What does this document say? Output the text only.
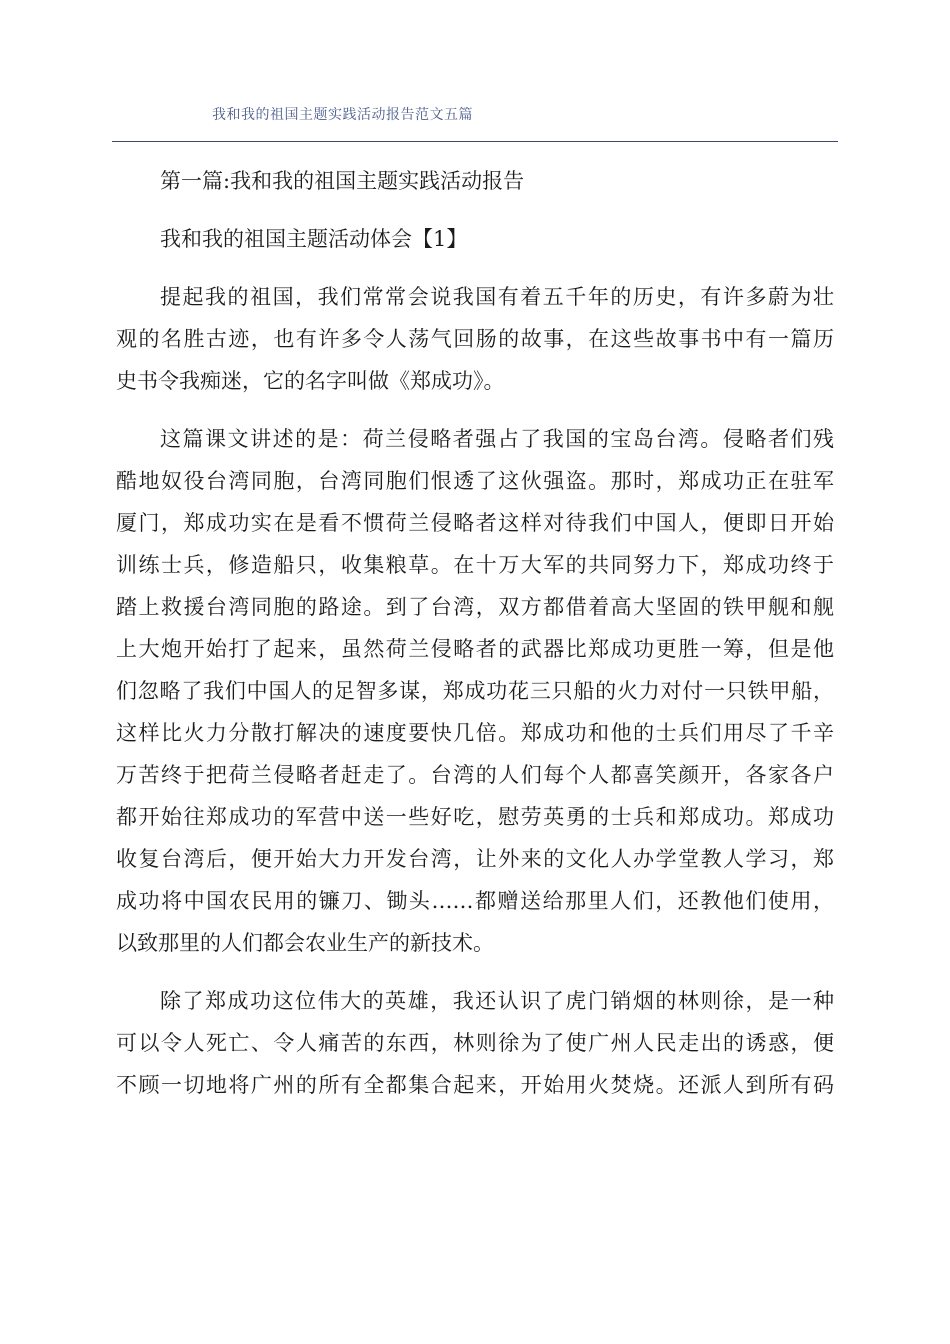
我和我的祖国主题实践活动报告范文五篇
第一篇:我和我的祖国主题实践活动报告
我和我的祖国主题活动体会【1】
提起我的祖国，我们常常会说我国有着五千年的历史，有许多蔚为壮
观的名胜古迹，也有许多令人荡气回肠的故事，在这些故事书中有一篇历
史书令我痴迷，它的名字叫做《郑成功》。
这篇课文讲述的是：荷兰侵略者强占了我国的宝岛台湾。侵略者们残
酷地奴役台湾同胞，台湾同胞们恨透了这伙强盗。那时，郑成功正在驻军
厦门，郑成功实在是看不惯荷兰侵略者这样对待我们中国人，便即日开始
训练士兵，修造船只，收集粮草。在十万大军的共同努力下，郑成功终于
踏上救援台湾同胞的路途。到了台湾，双方都借着高大坚固的铁甲舰和舰
上大炮开始打了起来，虽然荷兰侵略者的武器比郑成功更胜一筹，但是他
们忽略了我们中国人的足智多谋，郑成功花三只船的火力对付一只铁甲船，
这样比火力分散打解决的速度要快几倍。郑成功和他的士兵们用尽了千辛
万苦终于把荷兰侵略者赶走了。台湾的人们每个人都喜笑颜开，各家各户
都开始往郑成功的军营中送一些好吃，慰劳英勇的士兵和郑成功。郑成功
收复台湾后，便开始大力开发台湾，让外来的文化人办学堂教人学习，郑
成功将中国农民用的镰刀、锄头……都赠送给那里人们，还教他们使用，
以致那里的人们都会农业生产的新技术。
除了郑成功这位伟大的英雄，我还认识了虎门销烟的林则徐，是一种
可以令人死亡、令人痛苦的东西，林则徐为了使广州人民走出的诱惑，便
不顾一切地将广州的所有全都集合起来，开始用火焚烧。还派人到所有码
